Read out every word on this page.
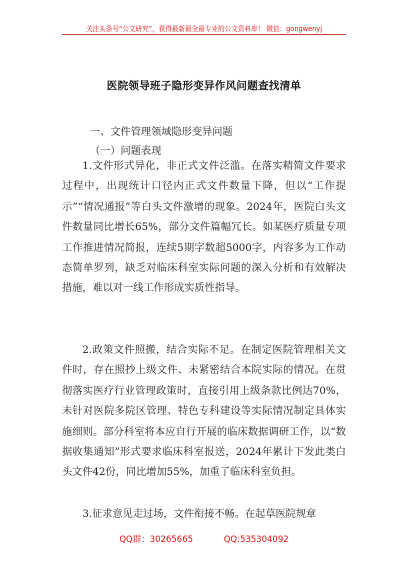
关注头条号“公文研究”，获得最新最全最专业的公文资料库！ 微信：gongwenyj
医院领导班子隐形变异作风问题查找清单
一、文件管理领域隐形变异问题
（一）问题表现

1.文件形式异化，非正式文件泛滥。在落实精简文件要求过程中，出现统计口径内正式文件数量下降，但以“工作提示”“情况通报”等白头文件激增的现象。2024年，医院白头文件数量同比增长65%，部分文件篇幅冗长。如某医疗质量专项工作推进情况简报，连续5期字数超5000字，内容多为工作动态简单罗列，缺乏对临床科室实际问题的深入分析和有效解决措施，难以对一线工作形成实质性指导。

2.政策文件照搬，结合实际不足。在制定医院管理相关文件时，存在照抄上级文件、未紧密结合本院实际的情况。在贯彻落实医疗行业管理政策时，直接引用上级条款比例达70%，未针对医院多院区管理、特色专科建设等实际情况制定具体实施细则。部分科室将本应自行开展的临床数据调研工作，以“数据收集通知”形式要求临床科室报送，2024年累计下发此类白头文件42份，同比增加55%，加重了临床科室负担。

3.征求意见走过场，文件衔接不畅。在起草医院规章

QQ群：30265665	QQ:535304092
